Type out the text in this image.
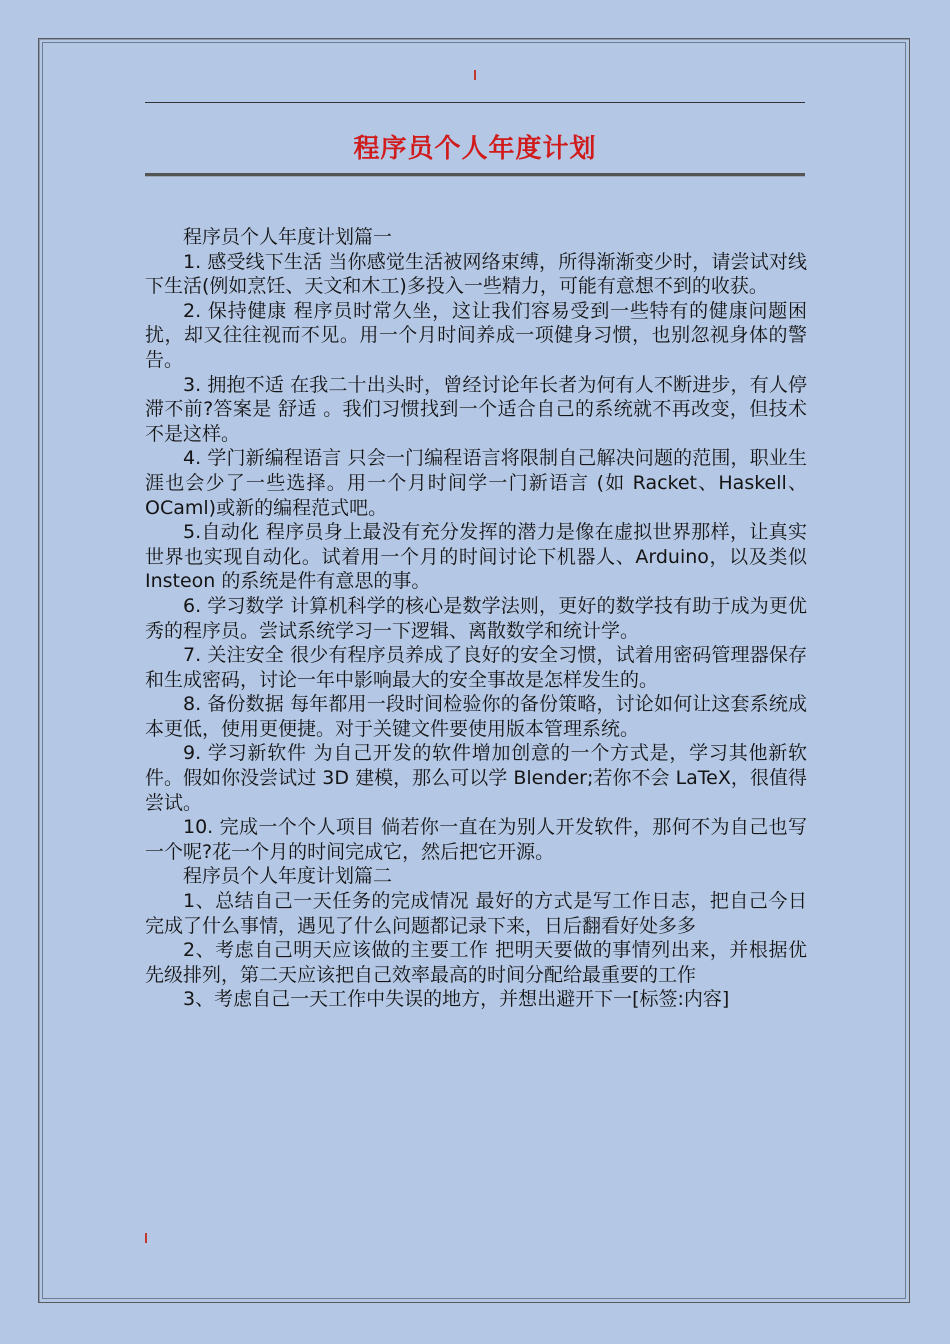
程序员个人年度计划

程序员个人年度计划篇一

1. 感受线下生活 当你感觉生活被网络束缚，所得渐渐变少时，请尝试对线下生活(例如烹饪、天文和木工)多投入一些精力，可能有意想不到的收获。

2. 保持健康 程序员时常久坐，这让我们容易受到一些特有的健康问题困扰，却又往往视而不见。用一个月时间养成一项健身习惯，也别忽视身体的警告。

3. 拥抱不适 在我二十出头时，曾经讨论年长者为何有人不断进步，有人停滞不前?答案是 舒适 。我们习惯找到一个适合自己的系统就不再改变，但技术不是这样。

4. 学门新编程语言 只会一门编程语言将限制自己解决问题的范围，职业生涯也会少了一些选择。用一个月时间学一门新语言 (如 Racket、Haskell、OCaml)或新的编程范式吧。

5.自动化 程序员身上最没有充分发挥的潜力是像在虚拟世界那样，让真实世界也实现自动化。试着用一个月的时间讨论下机器人、Arduino，以及类似 Insteon 的系统是件有意思的事。

6. 学习数学 计算机科学的核心是数学法则，更好的数学技有助于成为更优秀的程序员。尝试系统学习一下逻辑、离散数学和统计学。

7. 关注安全 很少有程序员养成了良好的安全习惯，试着用密码管理器保存和生成密码，讨论一年中影响最大的安全事故是怎样发生的。

8. 备份数据 每年都用一段时间检验你的备份策略，讨论如何让这套系统成本更低，使用更便捷。对于关键文件要使用版本管理系统。

9. 学习新软件 为自己开发的软件增加创意的一个方式是，学习其他新软件。假如你没尝试过 3D 建模，那么可以学 Blender;若你不会 LaTeX，很值得尝试。

10. 完成一个个人项目 倘若你一直在为别人开发软件，那何不为自己也写一个呢?花一个月的时间完成它，然后把它开源。

程序员个人年度计划篇二

1、总结自己一天任务的完成情况 最好的方式是写工作日志，把自己今日完成了什么事情，遇见了什么问题都记录下来，日后翻看好处多多

2、考虑自己明天应该做的主要工作 把明天要做的事情列出来，并根据优先级排列，第二天应该把自己效率最高的时间分配给最重要的工作

3、考虑自己一天工作中失误的地方，并想出避开下一[标签:内容]
